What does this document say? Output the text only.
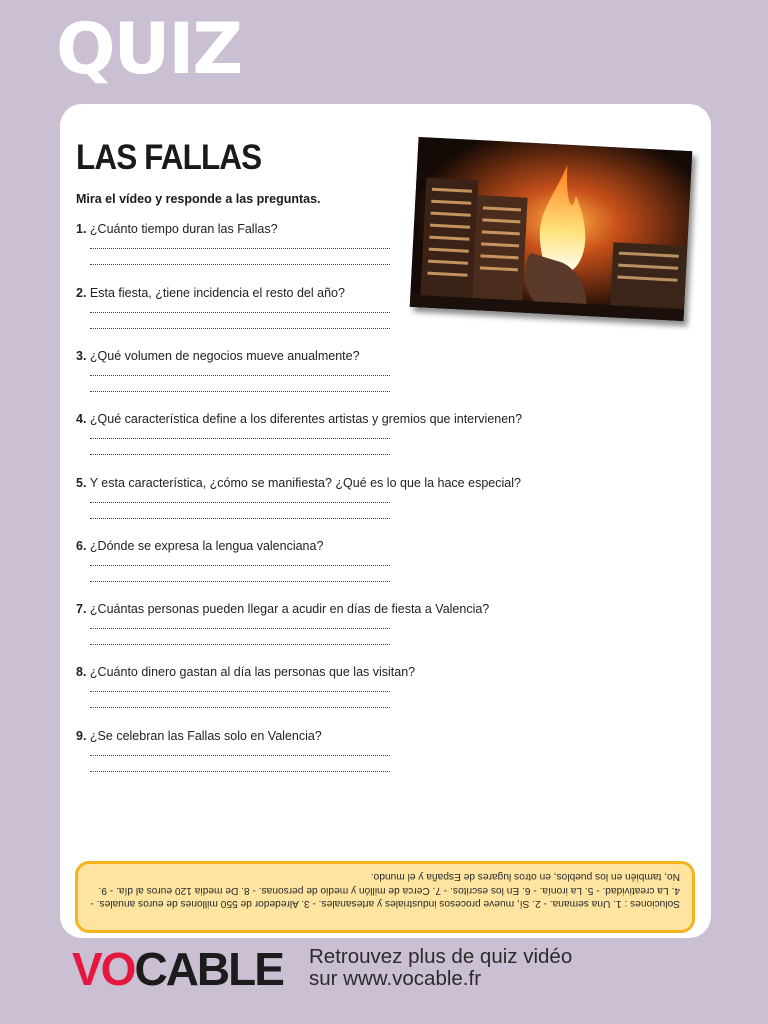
QUIZ
LAS FALLAS
Mira el vídeo y responde a las preguntas.
1. ¿Cuánto tiempo duran las Fallas?
2. Esta fiesta, ¿tiene incidencia el resto del año?
3. ¿Qué volumen de negocios mueve anualmente?
4. ¿Qué característica define a los diferentes artistas y gremios que intervienen?
5. Y esta característica, ¿cómo se manifiesta? ¿Qué es lo que la hace especial?
6. ¿Dónde se expresa la lengua valenciana?
7. ¿Cuántas personas pueden llegar a acudir en días de fiesta a Valencia?
8. ¿Cuánto dinero gastan al día las personas que las visitan?
9. ¿Se celebran las Fallas solo en Valencia?
Soluciones : 1. Una semana. - 2. Sí, mueve procesos industriales y artesanales. - 3. Alrededor de 550 millones de euros anuales. - 4. La creatividad. - 5. La ironía. - 6. En los escritos. - 7. Cerca de millón y medio de personas. - 8. De media 120 euros al día. - 9. No, también en los pueblos, en otros lugares de España y el mundo.
VOCABLE Retrouvez plus de quiz vidéo
sur www.vocable.fr
